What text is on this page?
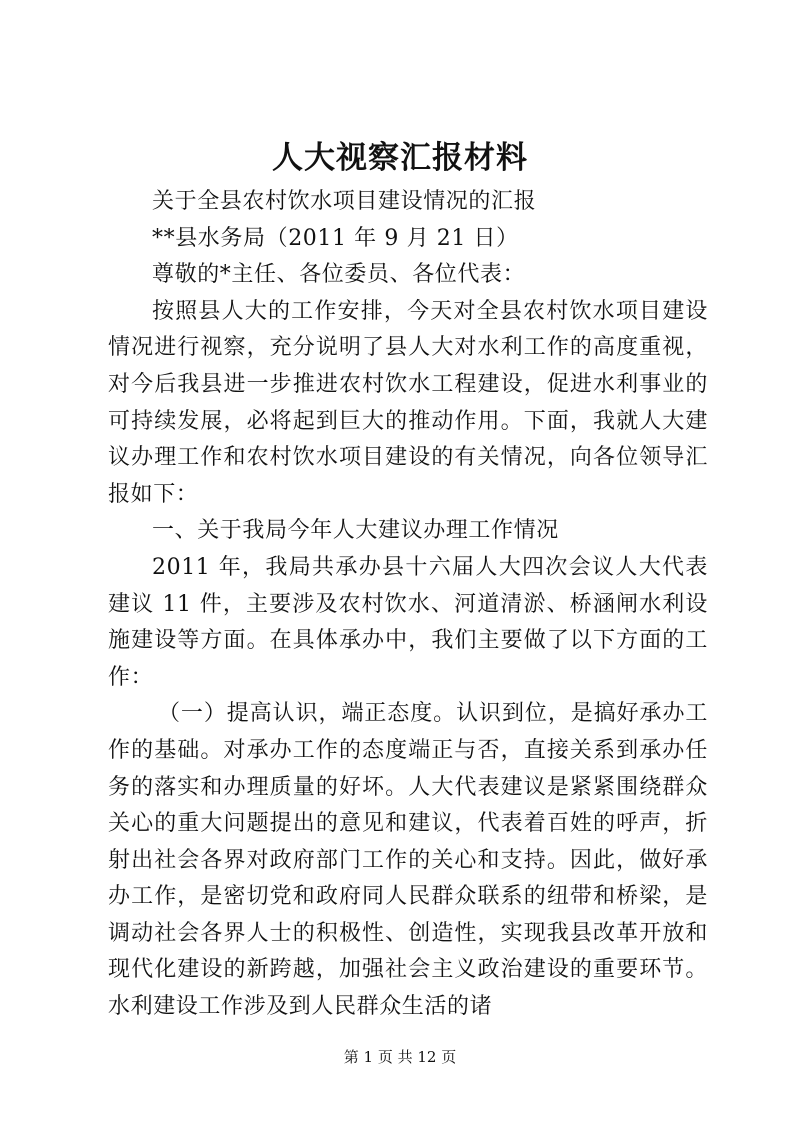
人大视察汇报材料

关于全县农村饮水项目建设情况的汇报

**县水务局（2011 年 9 月 21 日）

尊敬的*主任、各位委员、各位代表：

按照县人大的工作安排，今天对全县农村饮水项目建设情况进行视察，充分说明了县人大对水利工作的高度重视，对今后我县进一步推进农村饮水工程建设，促进水利事业的可持续发展，必将起到巨大的推动作用。下面，我就人大建议办理工作和农村饮水项目建设的有关情况，向各位领导汇报如下：

一、关于我局今年人大建议办理工作情况

2011 年，我局共承办县十六届人大四次会议人大代表建议 11 件，主要涉及农村饮水、河道清淤、桥涵闸水利设施建设等方面。在具体承办中，我们主要做了以下方面的工作：

（一）提高认识，端正态度。认识到位，是搞好承办工作的基础。对承办工作的态度端正与否，直接关系到承办任务的落实和办理质量的好坏。人大代表建议是紧紧围绕群众关心的重大问题提出的意见和建议，代表着百姓的呼声，折射出社会各界对政府部门工作的关心和支持。因此，做好承办工作，是密切党和政府同人民群众联系的纽带和桥梁，是调动社会各界人士的积极性、创造性，实现我县改革开放和现代化建设的新跨越，加强社会主义政治建设的重要环节。水利建设工作涉及到人民群众生活的诸

第 1 页 共 12 页
